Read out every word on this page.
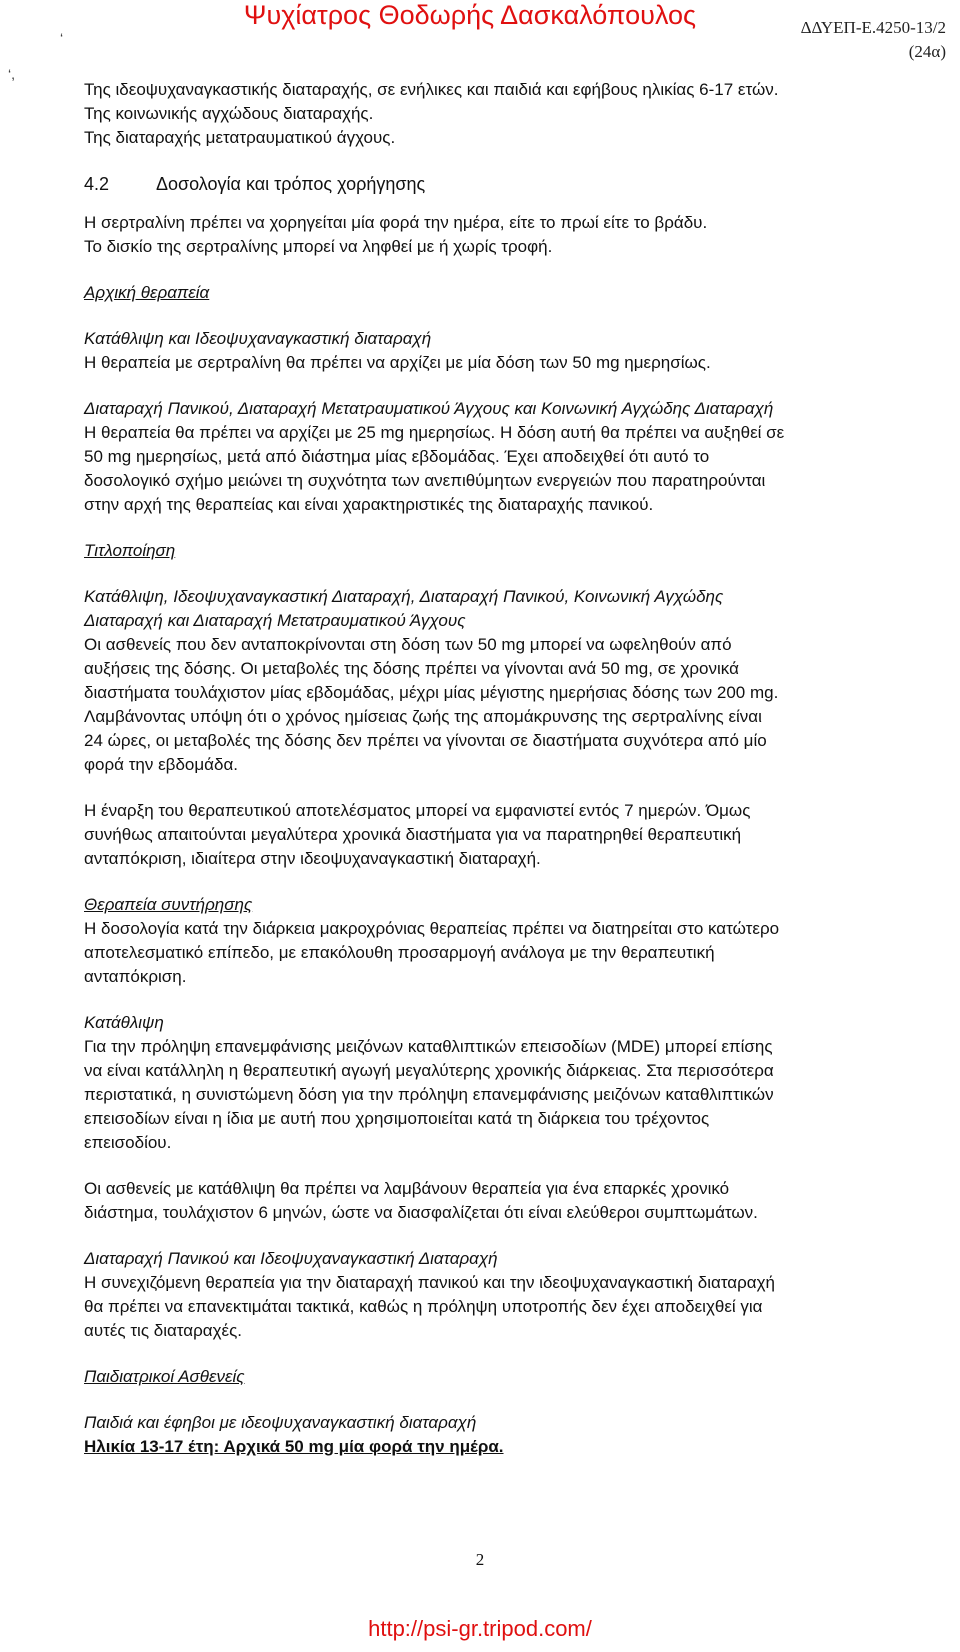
Ψυχίατρος Θοδωρής Δασκαλόπουλος	ΔΔΥΕΠ-Ε.4250-13/2
(24α)
‘
‘,

Της ιδεοψυχαναγκαστικής διαταραχής, σε ενήλικες και παιδιά και εφήβους ηλικίας 6-17 ετών.

Της κοινωνικής αγχώδους διαταραχής.

Της διαταραχής μετατραυματικού άγχους.

4.2	Δοσολογία και τρόπος χορήγησης

Η σερτραλίνη πρέπει να χορηγείται μία φορά την ημέρα, είτε το πρωί είτε το βράδυ.

Το δισκίο της σερτραλίνης μπορεί να ληφθεί με ή χωρίς τροφή.

Αρχική θεραπεία

Κατάθλιψη και Ιδεοψυχαναγκαστική διαταραχή

Η θεραπεία με σερτραλίνη θα πρέπει να αρχίζει με μία δόση των 50 mg ημερησίως.

Διαταραχή Πανικού, Διαταραχή Μετατραυματικού Άγχους και Κοινωνική Αγχώδης Διαταραχή

Η θεραπεία θα πρέπει να αρχίζει με 25 mg ημερησίως. Η δόση αυτή θα πρέπει να αυξηθεί σε

50 mg ημερησίως, μετά από διάστημα μίας εβδομάδας. Έχει αποδειχθεί ότι αυτό το

δοσολογικό σχήμο μειώνει τη συχνότητα των ανεπιθύμητων ενεργειών που παρατηρούνται

στην αρχή της θεραπείας και είναι χαρακτηριστικές της διαταραχής πανικού.

Τιτλοποίηση

Κατάθλιψη, Ιδεοψυχαναγκαστική Διαταραχή, Διαταραχή Πανικού, Κοινωνική Αγχώδης

Διαταραχή και Διαταραχή Μετατραυματικού Άγχους

Οι ασθενείς που δεν ανταποκρίνονται στη δόση των 50 mg μπορεί να ωφεληθούν από

αυξήσεις της δόσης. Οι μεταβολές της δόσης πρέπει να γίνονται ανά 50 mg, σε χρονικά

διαστήματα τουλάχιστον μίας εβδομάδας, μέχρι μίας μέγιστης ημερήσιας δόσης των 200 mg.

Λαμβάνοντας υπόψη ότι ο χρόνος ημίσειας ζωής της απομάκρυνσης της σερτραλίνης είναι

24 ώρες, οι μεταβολές της δόσης δεν πρέπει να γίνονται σε διαστήματα συχνότερα από μίο

φορά την εβδομάδα.

Η έναρξη του θεραπευτικού αποτελέσματος μπορεί να εμφανιστεί εντός 7 ημερών. Όμως

συνήθως απαιτούνται μεγαλύτερα χρονικά διαστήματα για να παρατηρηθεί θεραπευτική

ανταπόκριση, ιδιαίτερα στην ιδεοψυχαναγκαστική διαταραχή.

Θεραπεία συντήρησης

Η δοσολογία κατά την διάρκεια μακροχρόνιας θεραπείας πρέπει να διατηρείται στο κατώτερο

αποτελεσματικό επίπεδο, με επακόλουθη προσαρμογή ανάλογα με την θεραπευτική

ανταπόκριση.

Κατάθλιψη

Για την πρόληψη επανεμφάνισης μειζόνων καταθλιπτικών επεισοδίων (MDE) μπορεί επίσης

να είναι κατάλληλη η θεραπευτική αγωγή μεγαλύτερης χρονικής διάρκειας. Στα περισσότερα

περιστατικά, η συνιστώμενη δόση για την πρόληψη επανεμφάνισης μειζόνων καταθλιπτικών

επεισοδίων είναι η ίδια με αυτή που χρησιμοποιείται κατά τη διάρκεια του τρέχοντος

επεισοδίου.

Οι ασθενείς με κατάθλιψη θα πρέπει να λαμβάνουν θεραπεία για ένα επαρκές χρονικό

διάστημα, τουλάχιστον 6 μηνών, ώστε να διασφαλίζεται ότι είναι ελεύθεροι συμπτωμάτων.

Διαταραχή Πανικού και Ιδεοψυχαναγκαστική Διαταραχή

Η συνεχιζόμενη θεραπεία για την διαταραχή πανικού και την ιδεοψυχαναγκαστική διαταραχή

θα πρέπει να επανεκτιμάται τακτικά, καθώς η πρόληψη υποτροπής δεν έχει αποδειχθεί για

αυτές τις διαταραχές.

Παιδιατρικοί Ασθενείς

Παιδιά και έφηβοι με ιδεοψυχαναγκαστική διαταραχή

Ηλικία 13-17 έτη: Αρχικά 50 mg μία φορά την ημέρα.

2
http://psi-gr.tripod.com/
